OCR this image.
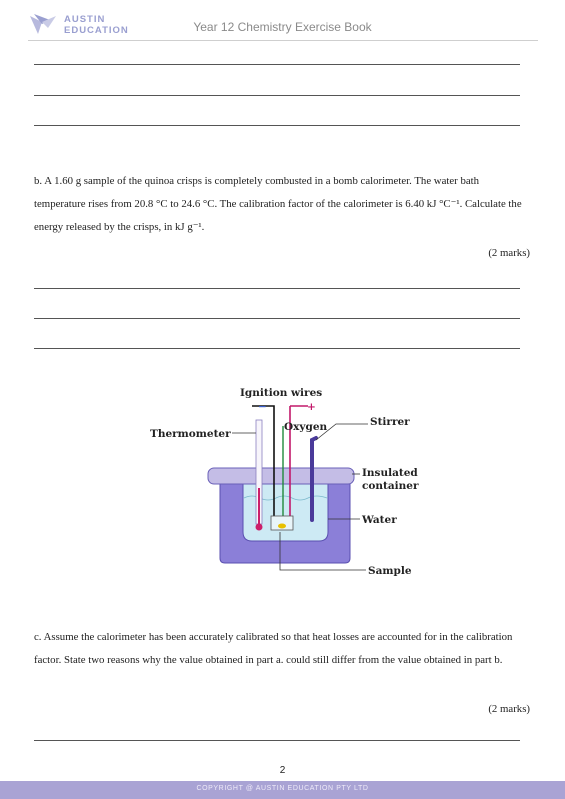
AUSTIN
EDUCATION	Year 12 Chemistry Exercise Book
b. A 1.60 g sample of the quinoa crisps is completely combusted in a bomb calorimeter. The water bath temperature rises from 20.8 °C to 24.6 °C. The calibration factor of the calorimeter is 6.40 kJ °C⁻¹. Calculate the energy released by the crisps, in kJ g⁻¹.
(2 marks)
Ignition wires
−	+
Thermometer
Oxygen	Stirrer
Insulated
container
Water
Sample
c. Assume the calorimeter has been accurately calibrated so that heat losses are accounted for in the calibration factor. State two reasons why the value obtained in part a. could still differ from the value obtained in part b.
(2 marks)
2
COPYRIGHT @ AUSTIN EDUCATION PTY LTD
